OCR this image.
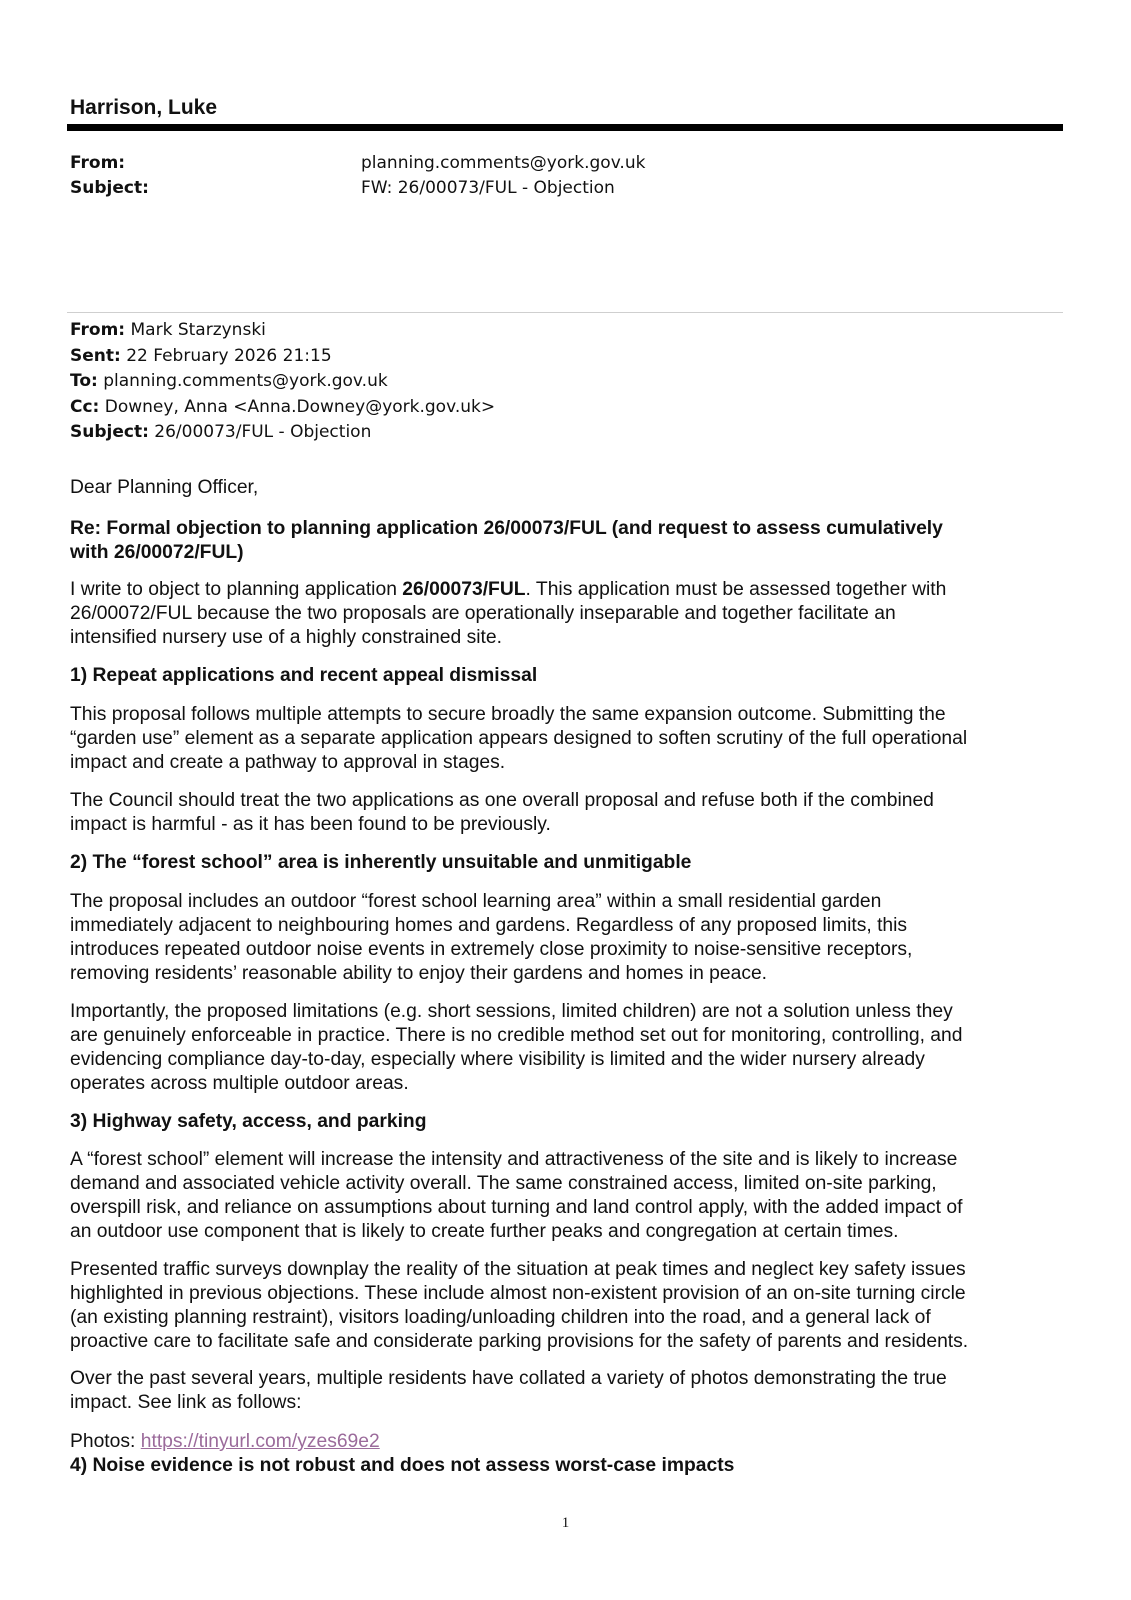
Harrison, Luke
From:	planning.comments@york.gov.uk
Subject:	FW: 26/00073/FUL - Objection
From: Mark Starzynski
Sent: 22 February 2026 21:15
To: planning.comments@york.gov.uk
Cc: Downey, Anna <Anna.Downey@york.gov.uk>
Subject: 26/00073/FUL - Objection
Dear Planning Officer,
Re: Formal objection to planning application 26/00073/FUL (and request to assess cumulatively
with 26/00072/FUL)
I write to object to planning application 26/00073/FUL. This application must be assessed together with
26/00072/FUL because the two proposals are operationally inseparable and together facilitate an
intensified nursery use of a highly constrained site.
1) Repeat applications and recent appeal dismissal
This proposal follows multiple attempts to secure broadly the same expansion outcome. Submitting the
“garden use” element as a separate application appears designed to soften scrutiny of the full operational
impact and create a pathway to approval in stages.
The Council should treat the two applications as one overall proposal and refuse both if the combined
impact is harmful - as it has been found to be previously.
2) The “forest school” area is inherently unsuitable and unmitigable
The proposal includes an outdoor “forest school learning area” within a small residential garden
immediately adjacent to neighbouring homes and gardens. Regardless of any proposed limits, this
introduces repeated outdoor noise events in extremely close proximity to noise-sensitive receptors,
removing residents’ reasonable ability to enjoy their gardens and homes in peace.
Importantly, the proposed limitations (e.g. short sessions, limited children) are not a solution unless they
are genuinely enforceable in practice. There is no credible method set out for monitoring, controlling, and
evidencing compliance day-to-day, especially where visibility is limited and the wider nursery already
operates across multiple outdoor areas.
3) Highway safety, access, and parking
A “forest school” element will increase the intensity and attractiveness of the site and is likely to increase
demand and associated vehicle activity overall. The same constrained access, limited on-site parking,
overspill risk, and reliance on assumptions about turning and land control apply, with the added impact of
an outdoor use component that is likely to create further peaks and congregation at certain times.
Presented traffic surveys downplay the reality of the situation at peak times and neglect key safety issues
highlighted in previous objections. These include almost non-existent provision of an on-site turning circle
(an existing planning restraint), visitors loading/unloading children into the road, and a general lack of
proactive care to facilitate safe and considerate parking provisions for the safety of parents and residents.
Over the past several years, multiple residents have collated a variety of photos demonstrating the true
impact. See link as follows:
Photos: https://tinyurl.com/yzes69e2
4) Noise evidence is not robust and does not assess worst-case impacts
1
